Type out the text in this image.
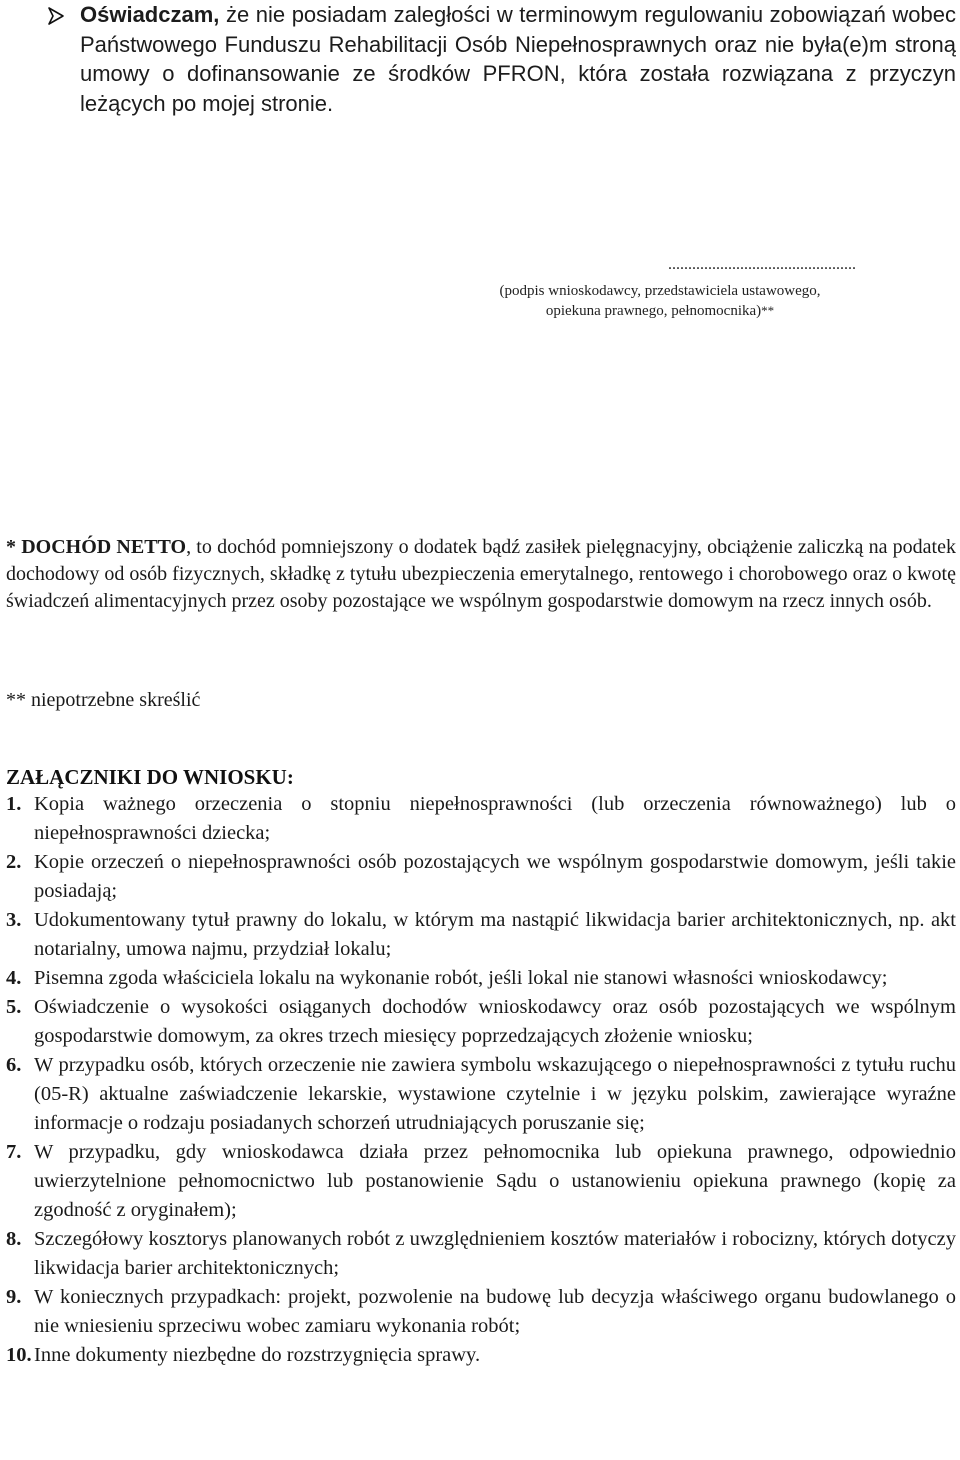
Oświadczam, że nie posiadam zaległości w terminowym regulowaniu zobowiązań wobec Państwowego Funduszu Rehabilitacji Osób Niepełnosprawnych oraz nie była(e)m stroną umowy o dofinansowanie ze środków PFRON, która została rozwiązana z przyczyn leżących po mojej stronie.

...............................................
(podpis wnioskodawcy, przedstawiciela ustawowego,
opiekuna prawnego, pełnomocnika)**

* DOCHÓD NETTO, to dochód pomniejszony o dodatek bądź zasiłek pielęgnacyjny, obciążenie zaliczką na podatek dochodowy od osób fizycznych, składkę z tytułu ubezpieczenia emerytalnego, rentowego i chorobowego oraz o kwotę świadczeń alimentacyjnych przez osoby pozostające we wspólnym gospodarstwie domowym na rzecz innych osób.

** niepotrzebne skreślić

ZAŁĄCZNIKI DO WNIOSKU:
1. Kopia ważnego orzeczenia o stopniu niepełnosprawności (lub orzeczenia równoważnego) lub o niepełnosprawności dziecka;
2. Kopie orzeczeń o niepełnosprawności osób pozostających we wspólnym gospodarstwie domowym, jeśli takie posiadają;
3. Udokumentowany tytuł prawny do lokalu, w którym ma nastąpić likwidacja barier architektonicznych, np. akt notarialny, umowa najmu, przydział lokalu;
4. Pisemna zgoda właściciela lokalu na wykonanie robót, jeśli lokal nie stanowi własności wnioskodawcy;
5. Oświadczenie o wysokości osiąganych dochodów wnioskodawcy oraz osób pozostających we wspólnym gospodarstwie domowym, za okres trzech miesięcy poprzedzających złożenie wniosku;
6. W przypadku osób, których orzeczenie nie zawiera symbolu wskazującego o niepełnosprawności z tytułu ruchu (05-R) aktualne zaświadczenie lekarskie, wystawione czytelnie i w języku polskim, zawierające wyraźne informacje o rodzaju posiadanych schorzeń utrudniających poruszanie się;
7. W przypadku, gdy wnioskodawca działa przez pełnomocnika lub opiekuna prawnego, odpowiednio uwierzytelnione pełnomocnictwo lub postanowienie Sądu o ustanowieniu opiekuna prawnego (kopię za zgodność z oryginałem);
8. Szczegółowy kosztorys planowanych robót z uwzględnieniem kosztów materiałów i robocizny, których dotyczy likwidacja barier architektonicznych;
9. W koniecznych przypadkach: projekt, pozwolenie na budowę lub decyzja właściwego organu budowlanego o nie wniesieniu sprzeciwu wobec zamiaru wykonania robót;
10. Inne dokumenty niezbędne do rozstrzygnięcia sprawy.
